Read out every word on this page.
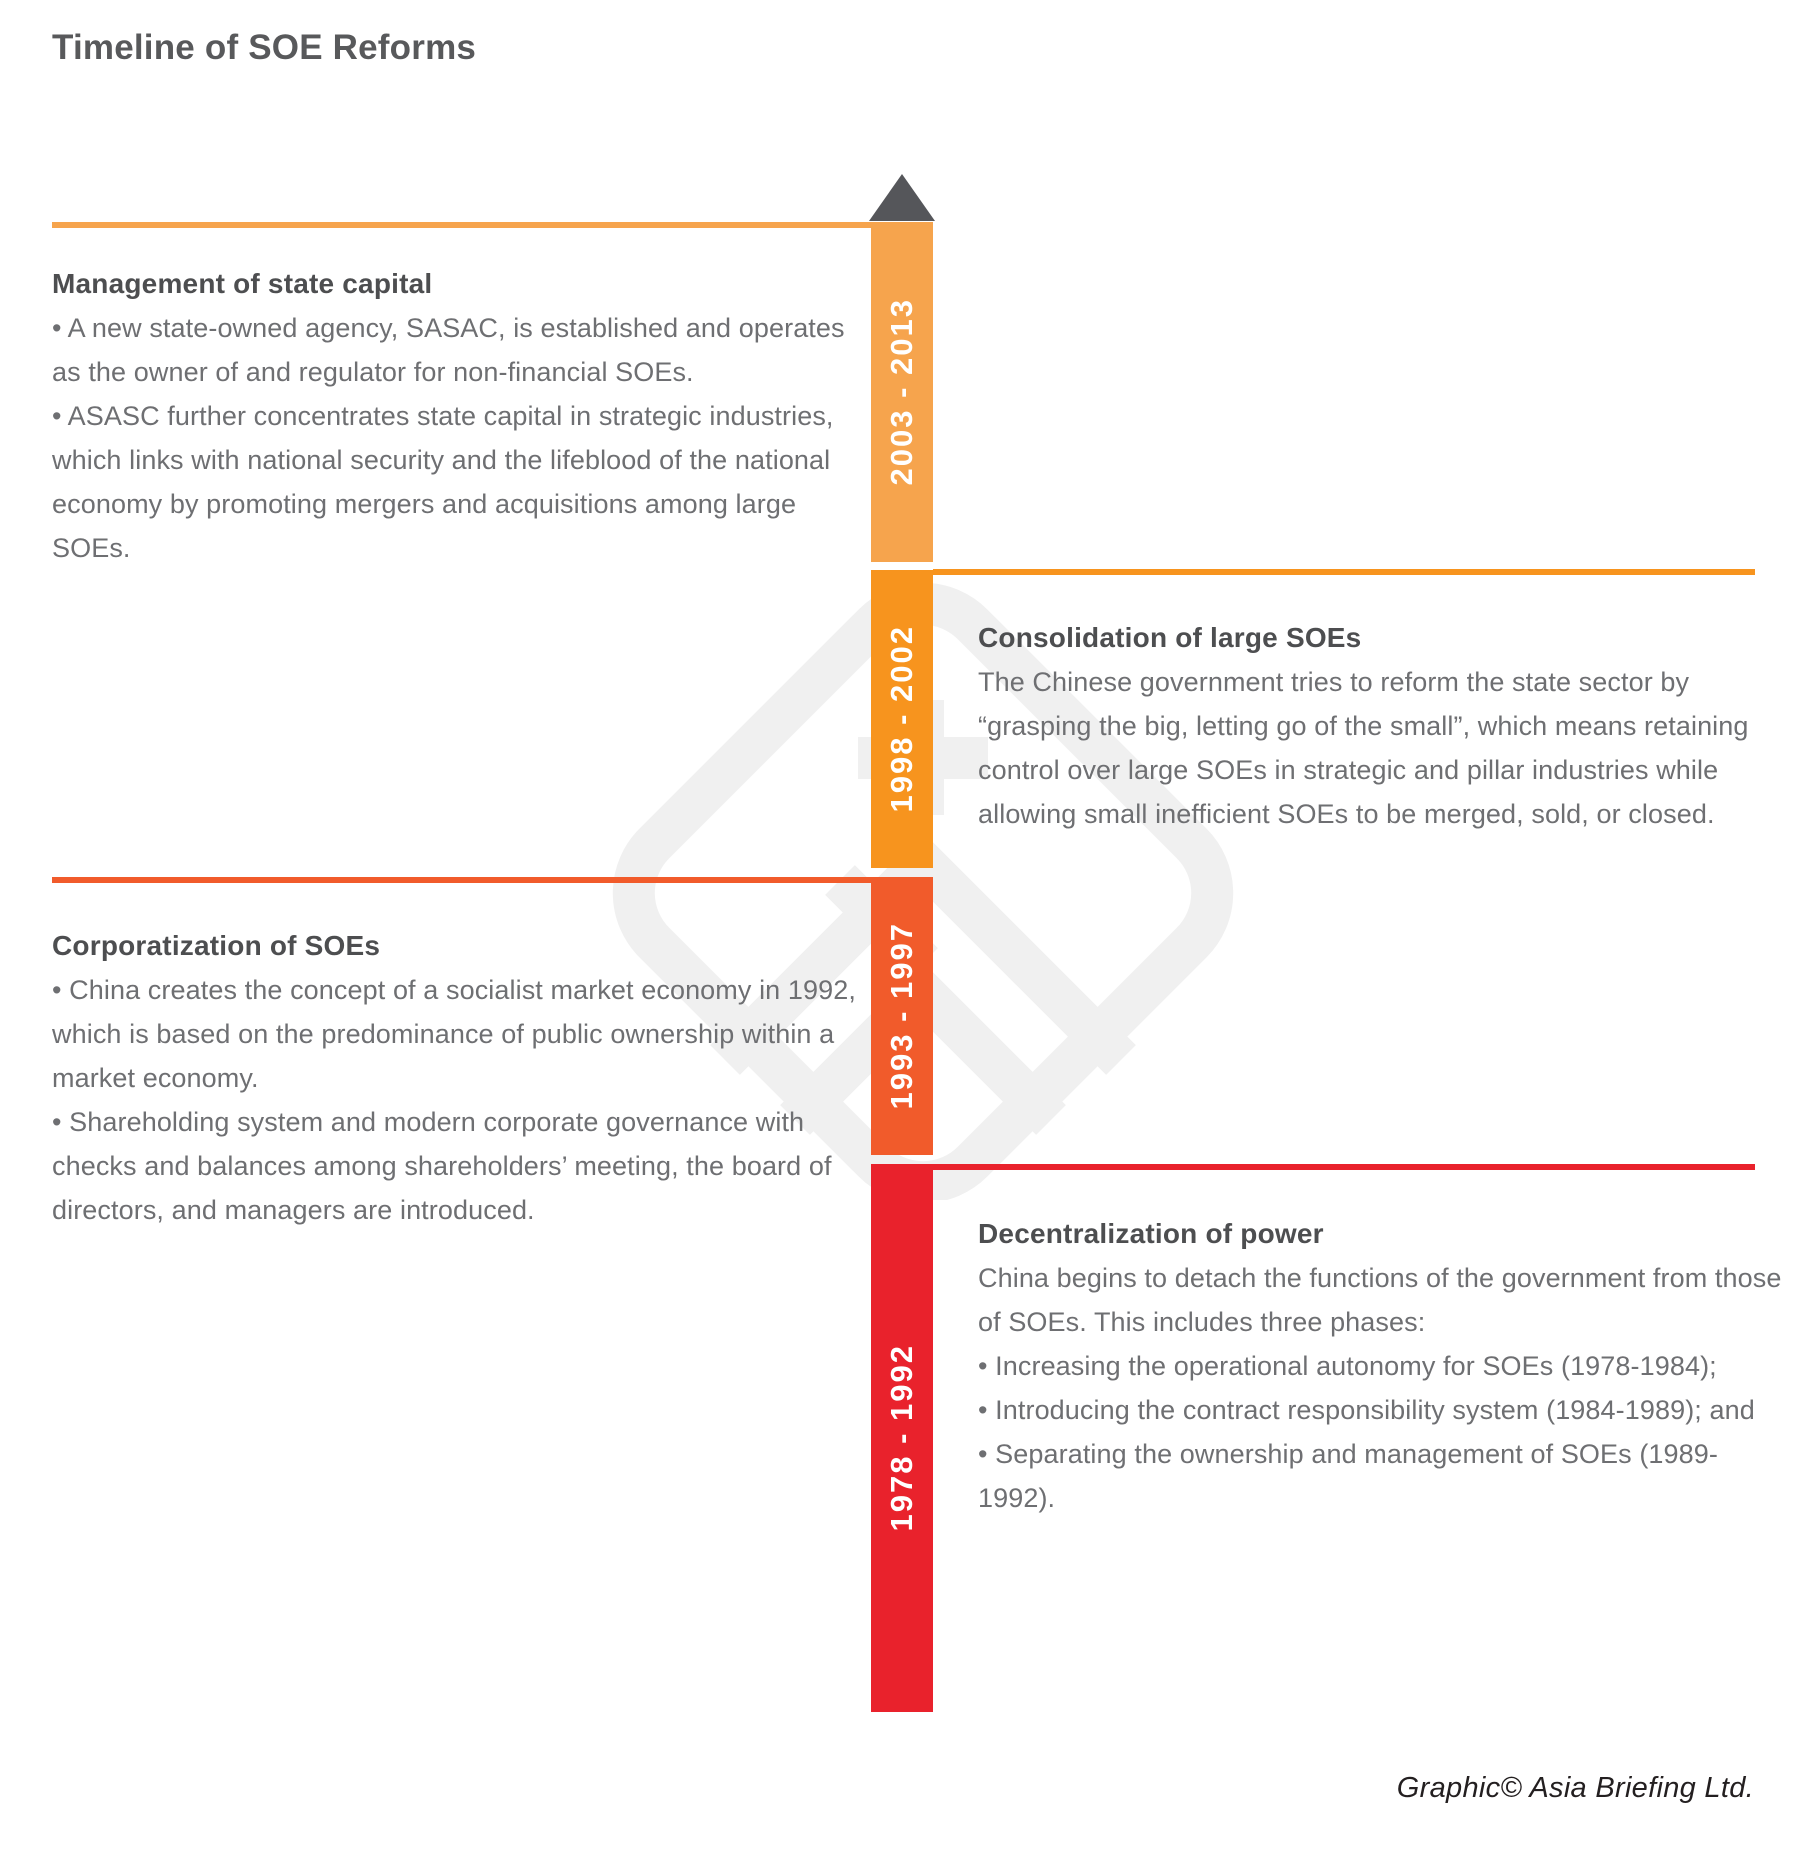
Timeline of SOE Reforms
2003 - 2013
Management of state capital
• A new state-owned agency, SASAC, is established and operates as the owner of and regulator for non-financial SOEs.
• ASASC further concentrates state capital in strategic industries, which links with national security and the lifeblood of the national economy by promoting mergers and acquisitions among large SOEs.
1998 - 2002 Consolidation of large SOEs
The Chinese government tries to reform the state sector by “grasping the big, letting go of the small”, which means retaining control over large SOEs in strategic and pillar industries while allowing small inefficient SOEs to be merged, sold, or closed.
1993 - 1997
Corporatization of SOEs
• China creates the concept of a socialist market economy in 1992, which is based on the predominance of public ownership within a market economy.
• Shareholding system and modern corporate governance with checks and balances among shareholders’ meeting, the board of directors, and managers are introduced.
1978 - 1992
Decentralization of power
China begins to detach the functions of the government from those of SOEs. This includes three phases:
• Increasing the operational autonomy for SOEs (1978-1984);
• Introducing the contract responsibility system (1984-1989); and
• Separating the ownership and management of SOEs (1989-1992).
Graphic© Asia Briefing Ltd.
